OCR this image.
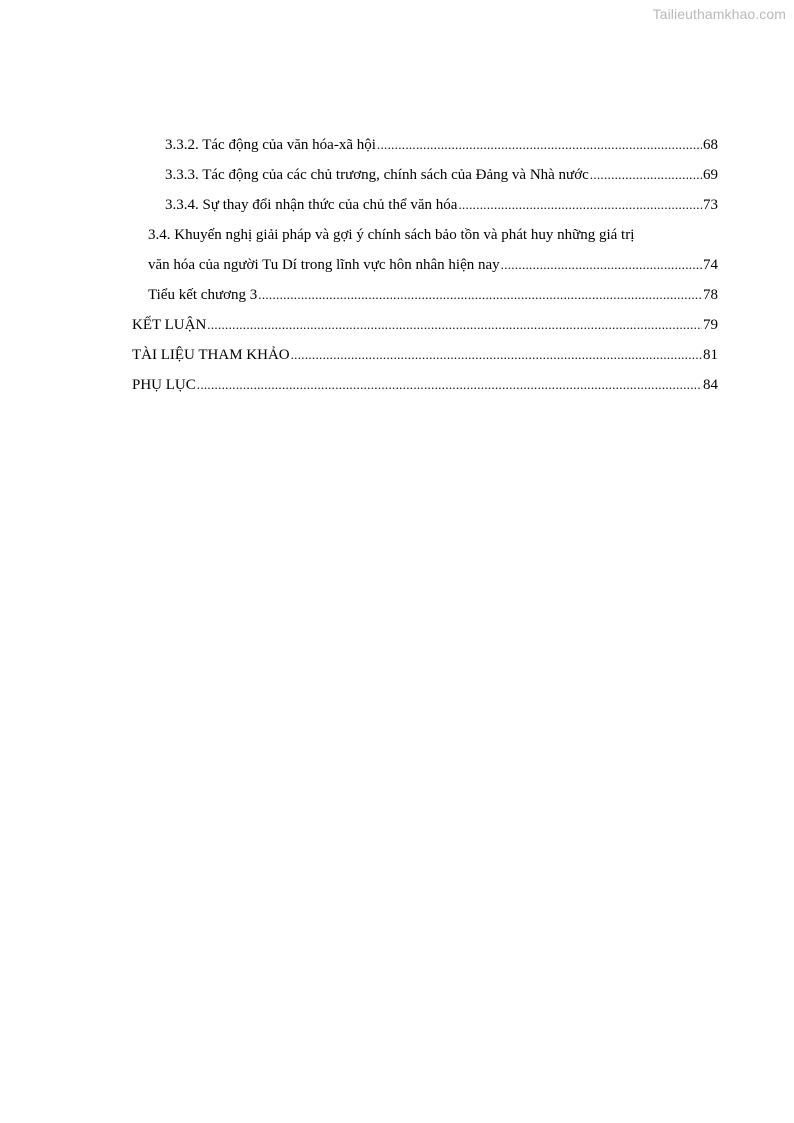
Tailieuthamkhao.com
3.3.2. Tác động của văn hóa-xã hội .....	68
3.3.3. Tác động của các chủ trương, chính sách của Đảng và Nhà nước .....	69
3.3.4. Sự thay đổi nhận thức của chủ thể văn hóa .....	73
3.4. Khuyến nghị giải pháp và gợi ý chính sách bảo tồn và phát huy những giá trị
văn hóa của người Tu Dí trong lĩnh vực hôn nhân hiện nay .....	74
Tiểu kết chương 3 .....	78
KẾT LUẬN .....	79
TÀI LIỆU THAM KHẢO .....	81
PHỤ LỤC .....	84
